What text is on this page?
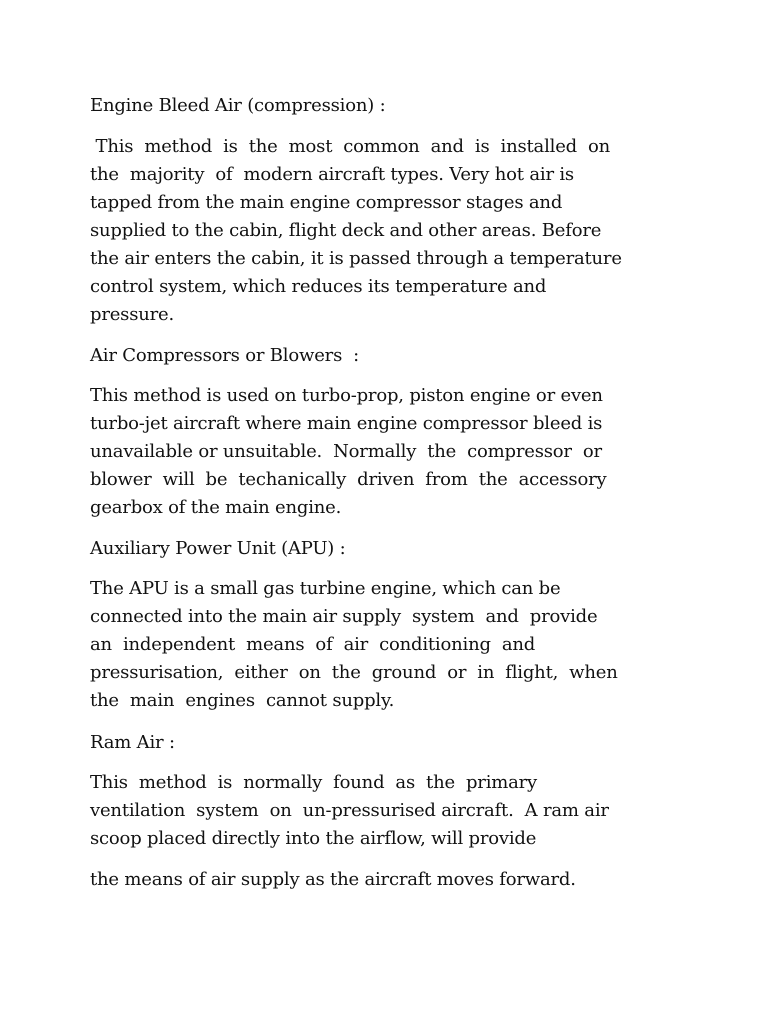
Engine Bleed Air (compression) :
This  method  is  the  most  common  and  is  installed  on
the  majority  of  modern aircraft types. Very hot air is
tapped from the main engine compressor stages and
supplied to the cabin, flight deck and other areas. Before
the air enters the cabin, it is passed through a temperature
control system, which reduces its temperature and
pressure.
Air Compressors or Blowers  :
This method is used on turbo-prop, piston engine or even
turbo-jet aircraft where main engine compressor bleed is
unavailable or unsuitable.  Normally  the  compressor  or
blower  will  be  techanically  driven  from  the  accessory
gearbox of the main engine.
Auxiliary Power Unit (APU) :
The APU is a small gas turbine engine, which can be
connected into the main air supply  system  and  provide
an  independent  means  of  air  conditioning  and
pressurisation,  either  on  the  ground  or  in  flight,  when
the  main  engines  cannot supply.
Ram Air :
This  method  is  normally  found  as  the  primary
ventilation  system  on  un-pressurised aircraft.  A ram air
scoop placed directly into the airflow, will provide
the means of air supply as the aircraft moves forward.
